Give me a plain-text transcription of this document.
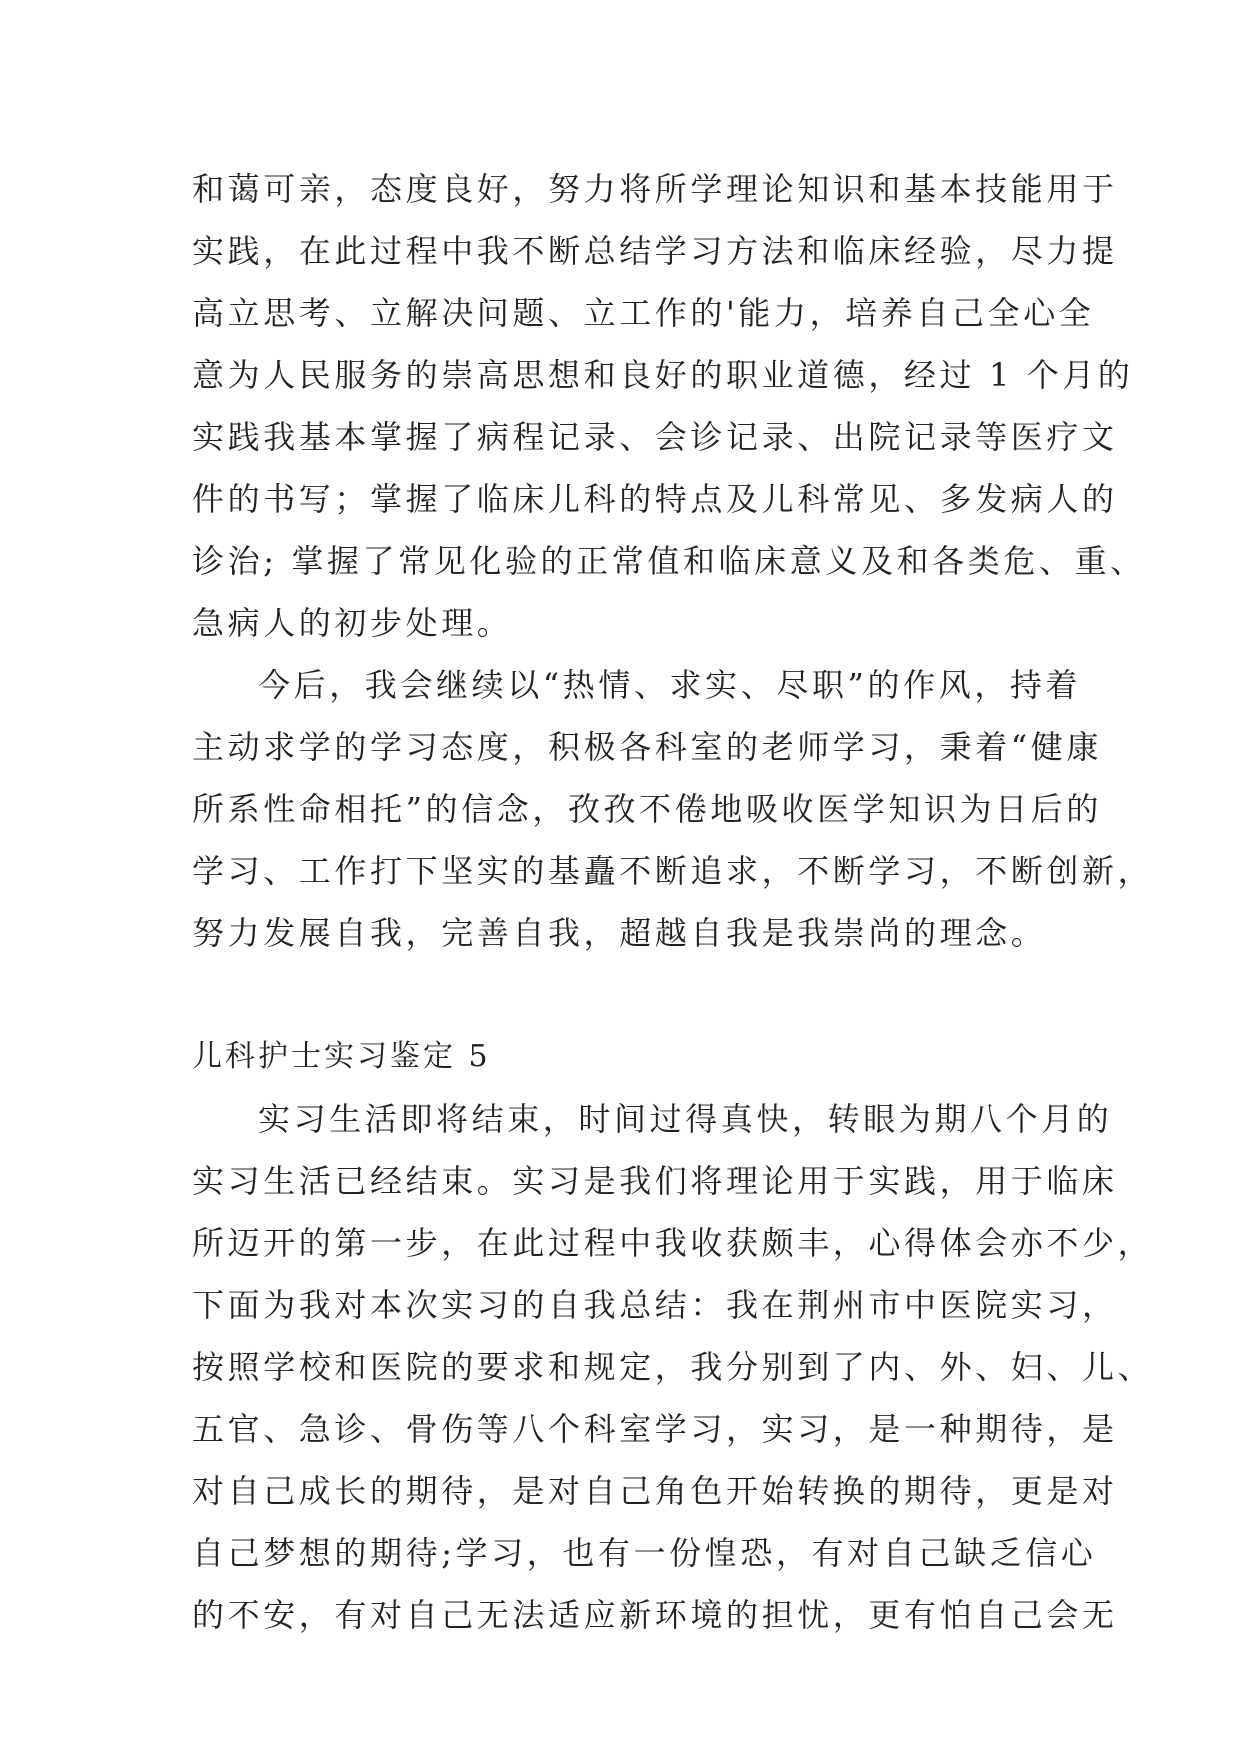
和蔼可亲，态度良好，努力将所学理论知识和基本技能用于
实践，在此过程中我不断总结学习方法和临床经验，尽力提
高立思考、立解决问题、立工作的'能力，培养自己全心全
意为人民服务的崇高思想和良好的职业道德，经过 1 个月的
实践我基本掌握了病程记录、会诊记录、出院记录等医疗文
件的书写；掌握了临床儿科的特点及儿科常见、多发病人的
诊治; 掌握了常见化验的正常值和临床意义及和各类危、重、
急病人的初步处理。
今后，我会继续以“热情、求实、尽职”的作风，持着
主动求学的学习态度，积极各科室的老师学习，秉着“健康
所系性命相托”的信念，孜孜不倦地吸收医学知识为日后的
学习、工作打下坚实的基矗不断追求，不断学习，不断创新，
努力发展自我，完善自我，超越自我是我崇尚的理念。
儿科护士实习鉴定 5
实习生活即将结束，时间过得真快，转眼为期八个月的
实习生活已经结束。实习是我们将理论用于实践，用于临床
所迈开的第一步，在此过程中我收获颇丰，心得体会亦不少，
下面为我对本次实习的自我总结：我在荆州市中医院实习，
按照学校和医院的要求和规定，我分别到了内、外、妇、儿、
五官、急诊、骨伤等八个科室学习，实习，是一种期待，是
对自己成长的期待，是对自己角色开始转换的期待，更是对
自己梦想的期待;学习，也有一份惶恐，有对自己缺乏信心
的不安，有对自己无法适应新环境的担忧，更有怕自己会无
